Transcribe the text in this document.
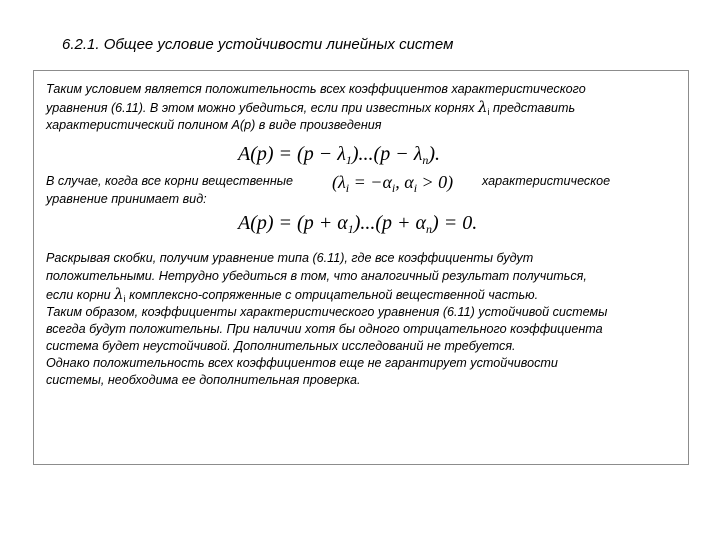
6.2.1. Общее условие устойчивости линейных систем
Таким условием является положительность всех коэффициентов характеристического
уравнения (6.11). В этом можно убедиться, если при известных корнях $\lambda_i$ представить
характеристический полином A(p) в виде произведения
$A(p) = (p - \lambda_1)...(p - \lambda_n)$.
В случае, когда все корни вещественные ($\lambda_i = -\alpha_i$, $\alpha_i > 0$) характеристическое
уравнение принимает вид:
$A(p) = (p + \alpha_1)...(p + \alpha_n) = 0$.
Раскрывая скобки, получим уравнение типа (6.11), где все коэффициенты будут
положительными. Нетрудно убедиться в том, что аналогичный результат получиться,
если корни $\lambda_i$ комплексно-сопряженные с отрицательной вещественной частью.
Таким образом, коэффициенты характеристического уравнения (6.11) устойчивой системы
всегда будут положительны. При наличии хотя бы одного отрицательного коэффициента
система будет неустойчивой. Дополнительных исследований не требуется.
Однако положительность всех коэффициентов еще не гарантирует устойчивости
системы, необходима ее дополнительная проверка.
